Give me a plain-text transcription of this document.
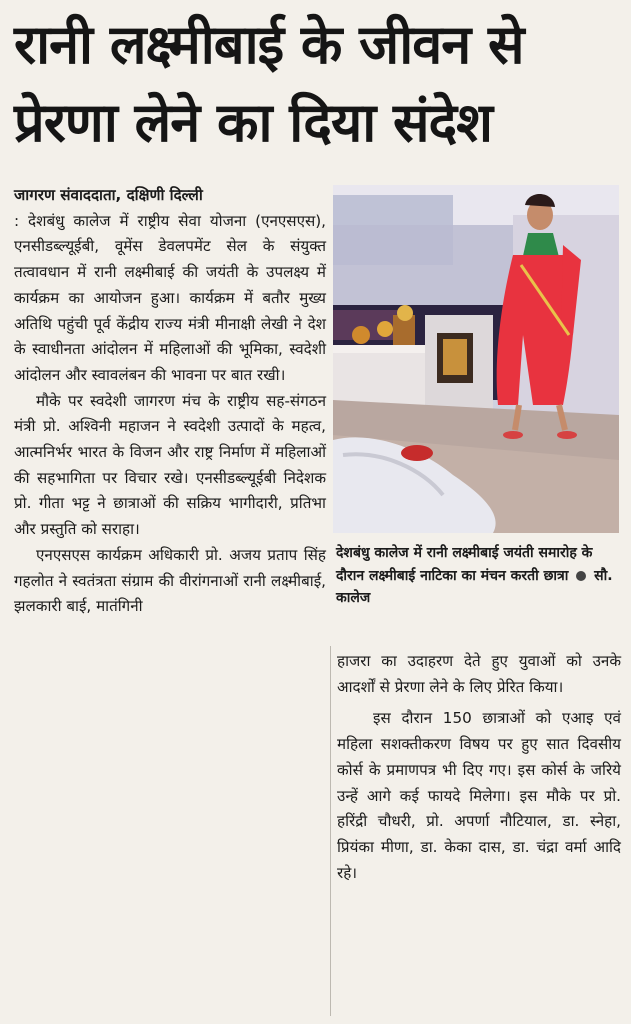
रानी लक्ष्मीबाई के जीवन से
प्रेरणा लेने का दिया संदेश

जागरण संवाददाता, दक्षिणी दिल्ली
: देशबंधु कालेज में राष्ट्रीय सेवा योजना (एनएसएस), एनसीडब्ल्यूईबी, वूमेंस डेवलपमेंट सेल के संयुक्त तत्वावधान में रानी लक्ष्मीबाई की जयंती के उपलक्ष्य में कार्यक्रम का आयोजन हुआ। कार्यक्रम में बतौर मुख्य अतिथि पहुंची पूर्व केंद्रीय राज्य मंत्री मीनाक्षी लेखी ने देश के स्वाधीनता आंदोलन में महिलाओं की भूमिका, स्वदेशी आंदोलन और स्वावलंबन की भावना पर बात रखी।

मौके पर स्वदेशी जागरण मंच के राष्ट्रीय सह-संगठन मंत्री प्रो. अश्विनी महाजन ने स्वदेशी उत्पादों के महत्व, आत्मनिर्भर भारत के विजन और राष्ट्र निर्माण में महिलाओं की सहभागिता पर विचार रखे। एनसीडब्ल्यूईबी निदेशक प्रो. गीता भट्ट ने छात्राओं की सक्रिय भागीदारी, प्रतिभा और प्रस्तुति को सराहा।

एनएसएस कार्यक्रम अधिकारी प्रो. अजय प्रताप सिंह गहलोत ने स्वतंत्रता संग्राम की वीरांगनाओं रानी लक्ष्मीबाई, झलकारी बाई, मातंगिनी

देशबंधु कालेज में रानी लक्ष्मीबाई जयंती समारोह के दौरान लक्ष्मीबाई नाटिका का मंचन करती छात्रा सौ. कालेज

हाजरा का उदाहरण देते हुए युवाओं को उनके आदर्शों से प्रेरणा लेने के लिए प्रेरित किया।

इस दौरान 150 छात्राओं को एआइ एवं महिला सशक्तीकरण विषय पर हुए सात दिवसीय कोर्स के प्रमाणपत्र भी दिए गए। इस कोर्स के जरिये उन्हें आगे कई फायदे मिलेगा। इस मौके पर प्रो. हरिंद्री चौधरी, प्रो. अपर्णा नौटियाल, डा. स्नेहा, प्रियंका मीणा, डा. केका दास, डा. चंद्रा वर्मा आदि रहे।
